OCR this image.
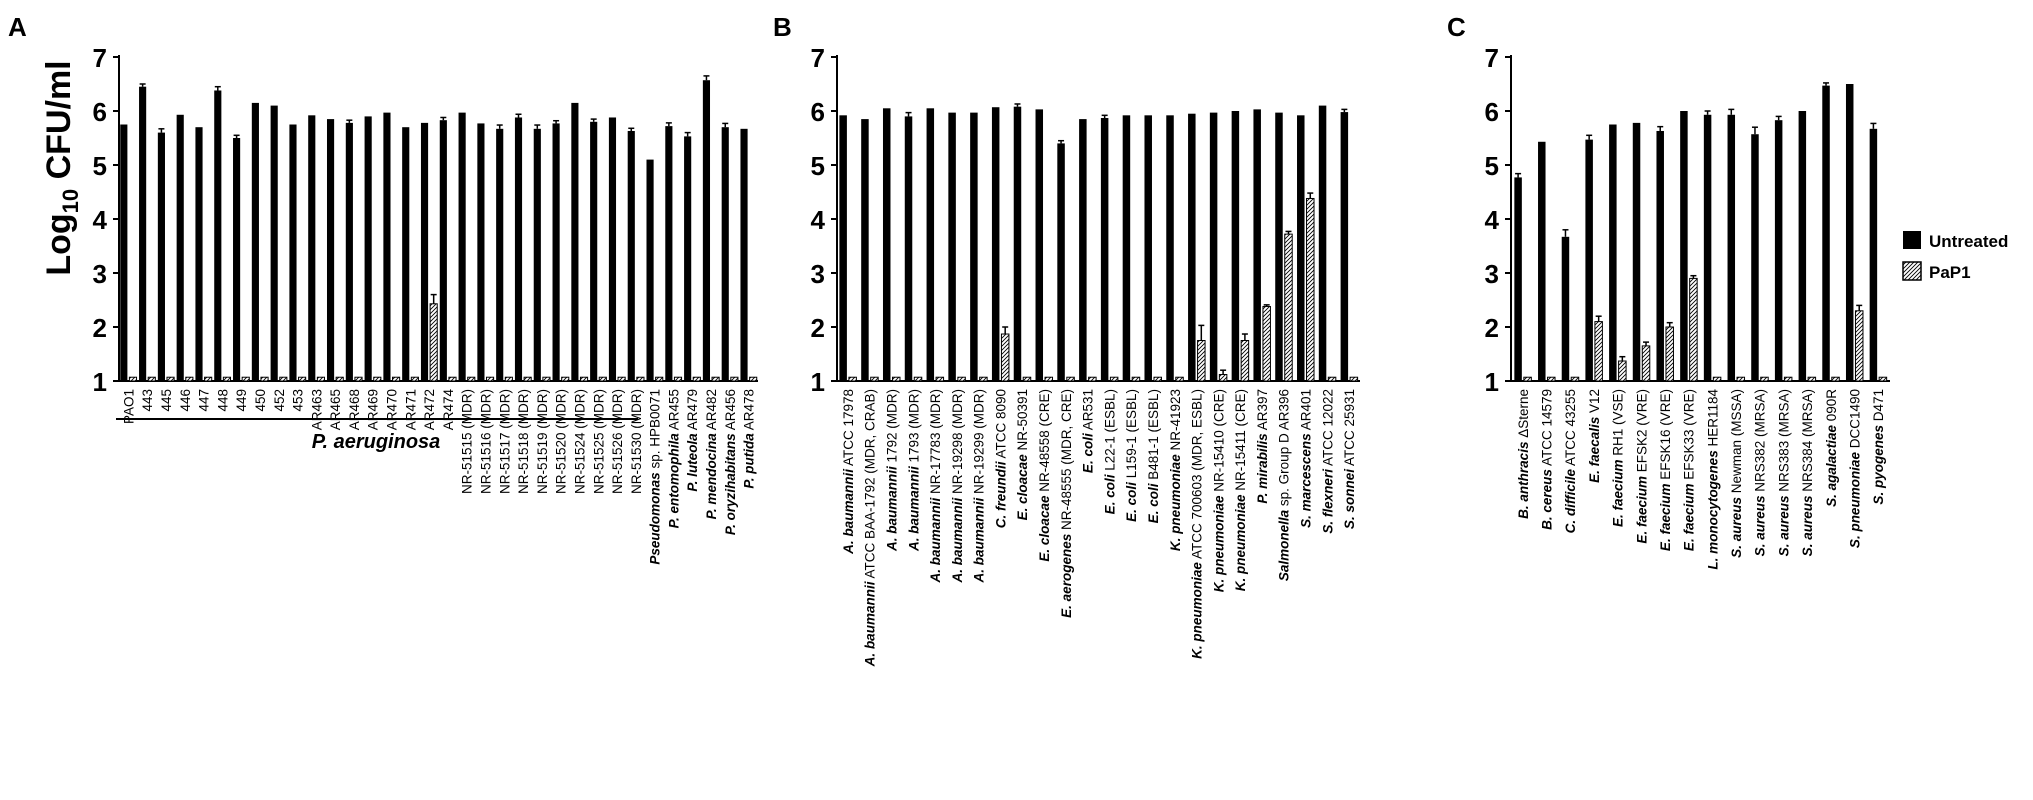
Log$_{10}$ CFU/ml
A	B	C
1
2
3
4
5
6
7
PAO1 443 445 446 447 448 449 450 452 453 AR463 AR465 AR468 AR469 AR470 AR471 AR472 AR474 NR-51515 (MDR) NR-51516 (MDR) NR-51517 (MDR) NR-51518 (MDR) NR-51519 (MDR) NR-51520 (MDR) NR-51524 (MDR) NR-51525 (MDR) NR-51526 (MDR) NR-51530 (MDR)
Pseudomonas sp. HPB0071
P. entomophila AR455
P. luteola AR479
P. mendocina AR482
P. oryzihabitans AR456
P. putida AR478
1
2
3
4
5
6
7
A. baumannii ATCC 17978
A. baumannii ATCC BAA-1792 (MDR, CRAB) A. baumannii 1792 (MDR)
A. baumannii 1793 (MDR)
A. baumannii NR-17783 (MDR)
A. baumannii NR-19298 (MDR)
A. baumannii NR-19299 (MDR) C. freundii ATCC 8090
E. cloacae NR-50391
E. cloacae NR-48558 (CRE)
E. aerogenes NR-48555 (MDR, CRE) E. coli AR531
E. coli L22-1 (ESBL)
E. coli L159-1 (ESBL)
E. coli B481-1 (ESBL)
K. pneumoniae NR-41923
K. pneumoniae ATCC 700603 (MDR, ESBL) K. pneumoniae NR-15410 (CRE)
K. pneumoniae NR-15411 (CRE) P. mirabilis AR397
Salmonella sp. Group D AR396 S. marcescens AR401
S. flexneri ATCC 12022
S. sonnei ATCC 25931
1
2
3
4
5
6
7
B. anthracis ΔSterne
B. cereus ATCC 14579
C. difficile ATCC 43255 E. faecalis V12
E. faecium RH1 (VSE)
E. faecium EFSK2 (VRE)
E. faecium EFSK16 (VRE)
E. faecium EFSK33 (VRE)
L. monocytogenes HER1184
S. aureus Newman (MSSA)
S. aureus NRS382 (MRSA)
S. aureus NRS383 (MRSA)
S. aureus NRS384 (MRSA) S. agalactiae 090R
S. pneumoniae DCC1490
S. pyogenes D471
P. aeruginosa
Untreated
PaP1
